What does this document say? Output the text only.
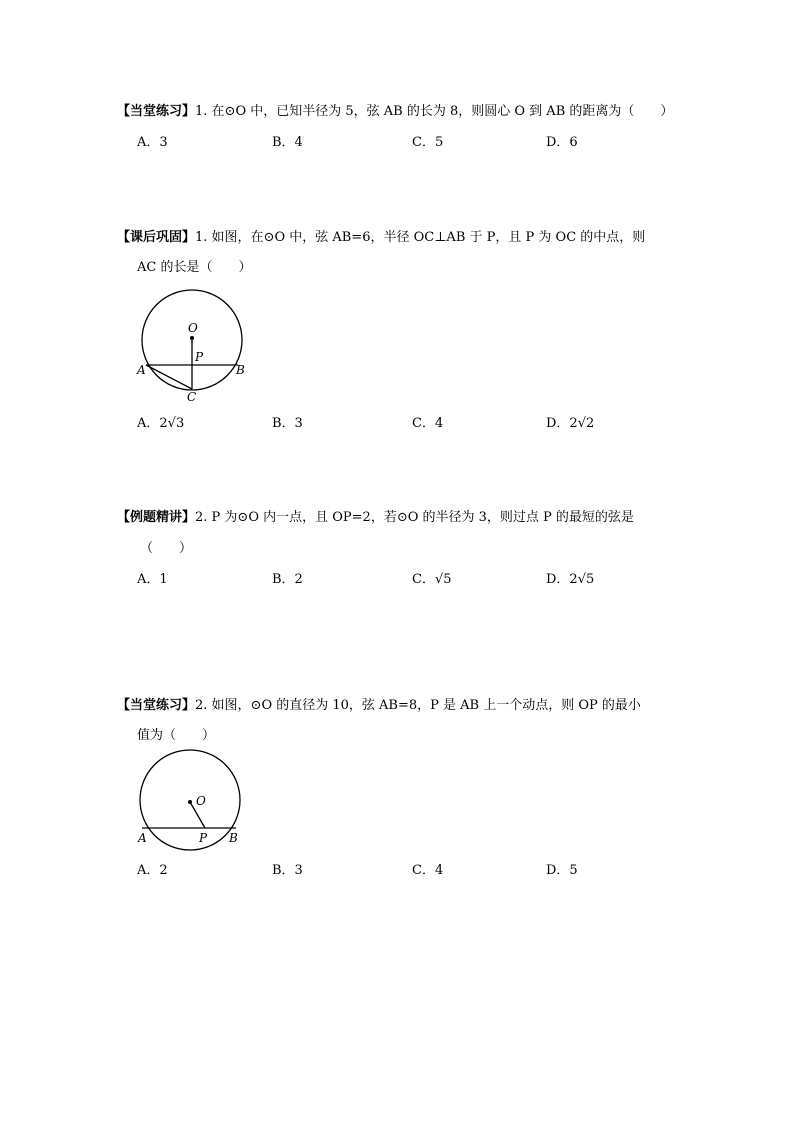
【当堂练习】1. 在⊙O 中，已知半径为 5，弦 AB 的长为 8，则圆心 O 到 AB 的距离为（　　）
A．3	B．4	C．5	D．6
【课后巩固】1. 如图，在⊙O 中，弦 AB=6，半径 OC⊥AB 于 P，且 P 为 OC 的中点，则
AC 的长是（　　）
O
P
A	B
C
A．2√3	B．3	C．4	D．2√2
【例题精讲】2. P 为⊙O 内一点，且 OP=2，若⊙O 的半径为 3，则过点 P 的最短的弦是
（　　）
A．1	B．2	C．√5	D．2√5
【当堂练习】2. 如图，⊙O 的直径为 10，弦 AB=8，P 是 AB 上一个动点，则 OP 的最小
值为（　　）
O
A	P B
A．2	B．3	C．4	D．5
